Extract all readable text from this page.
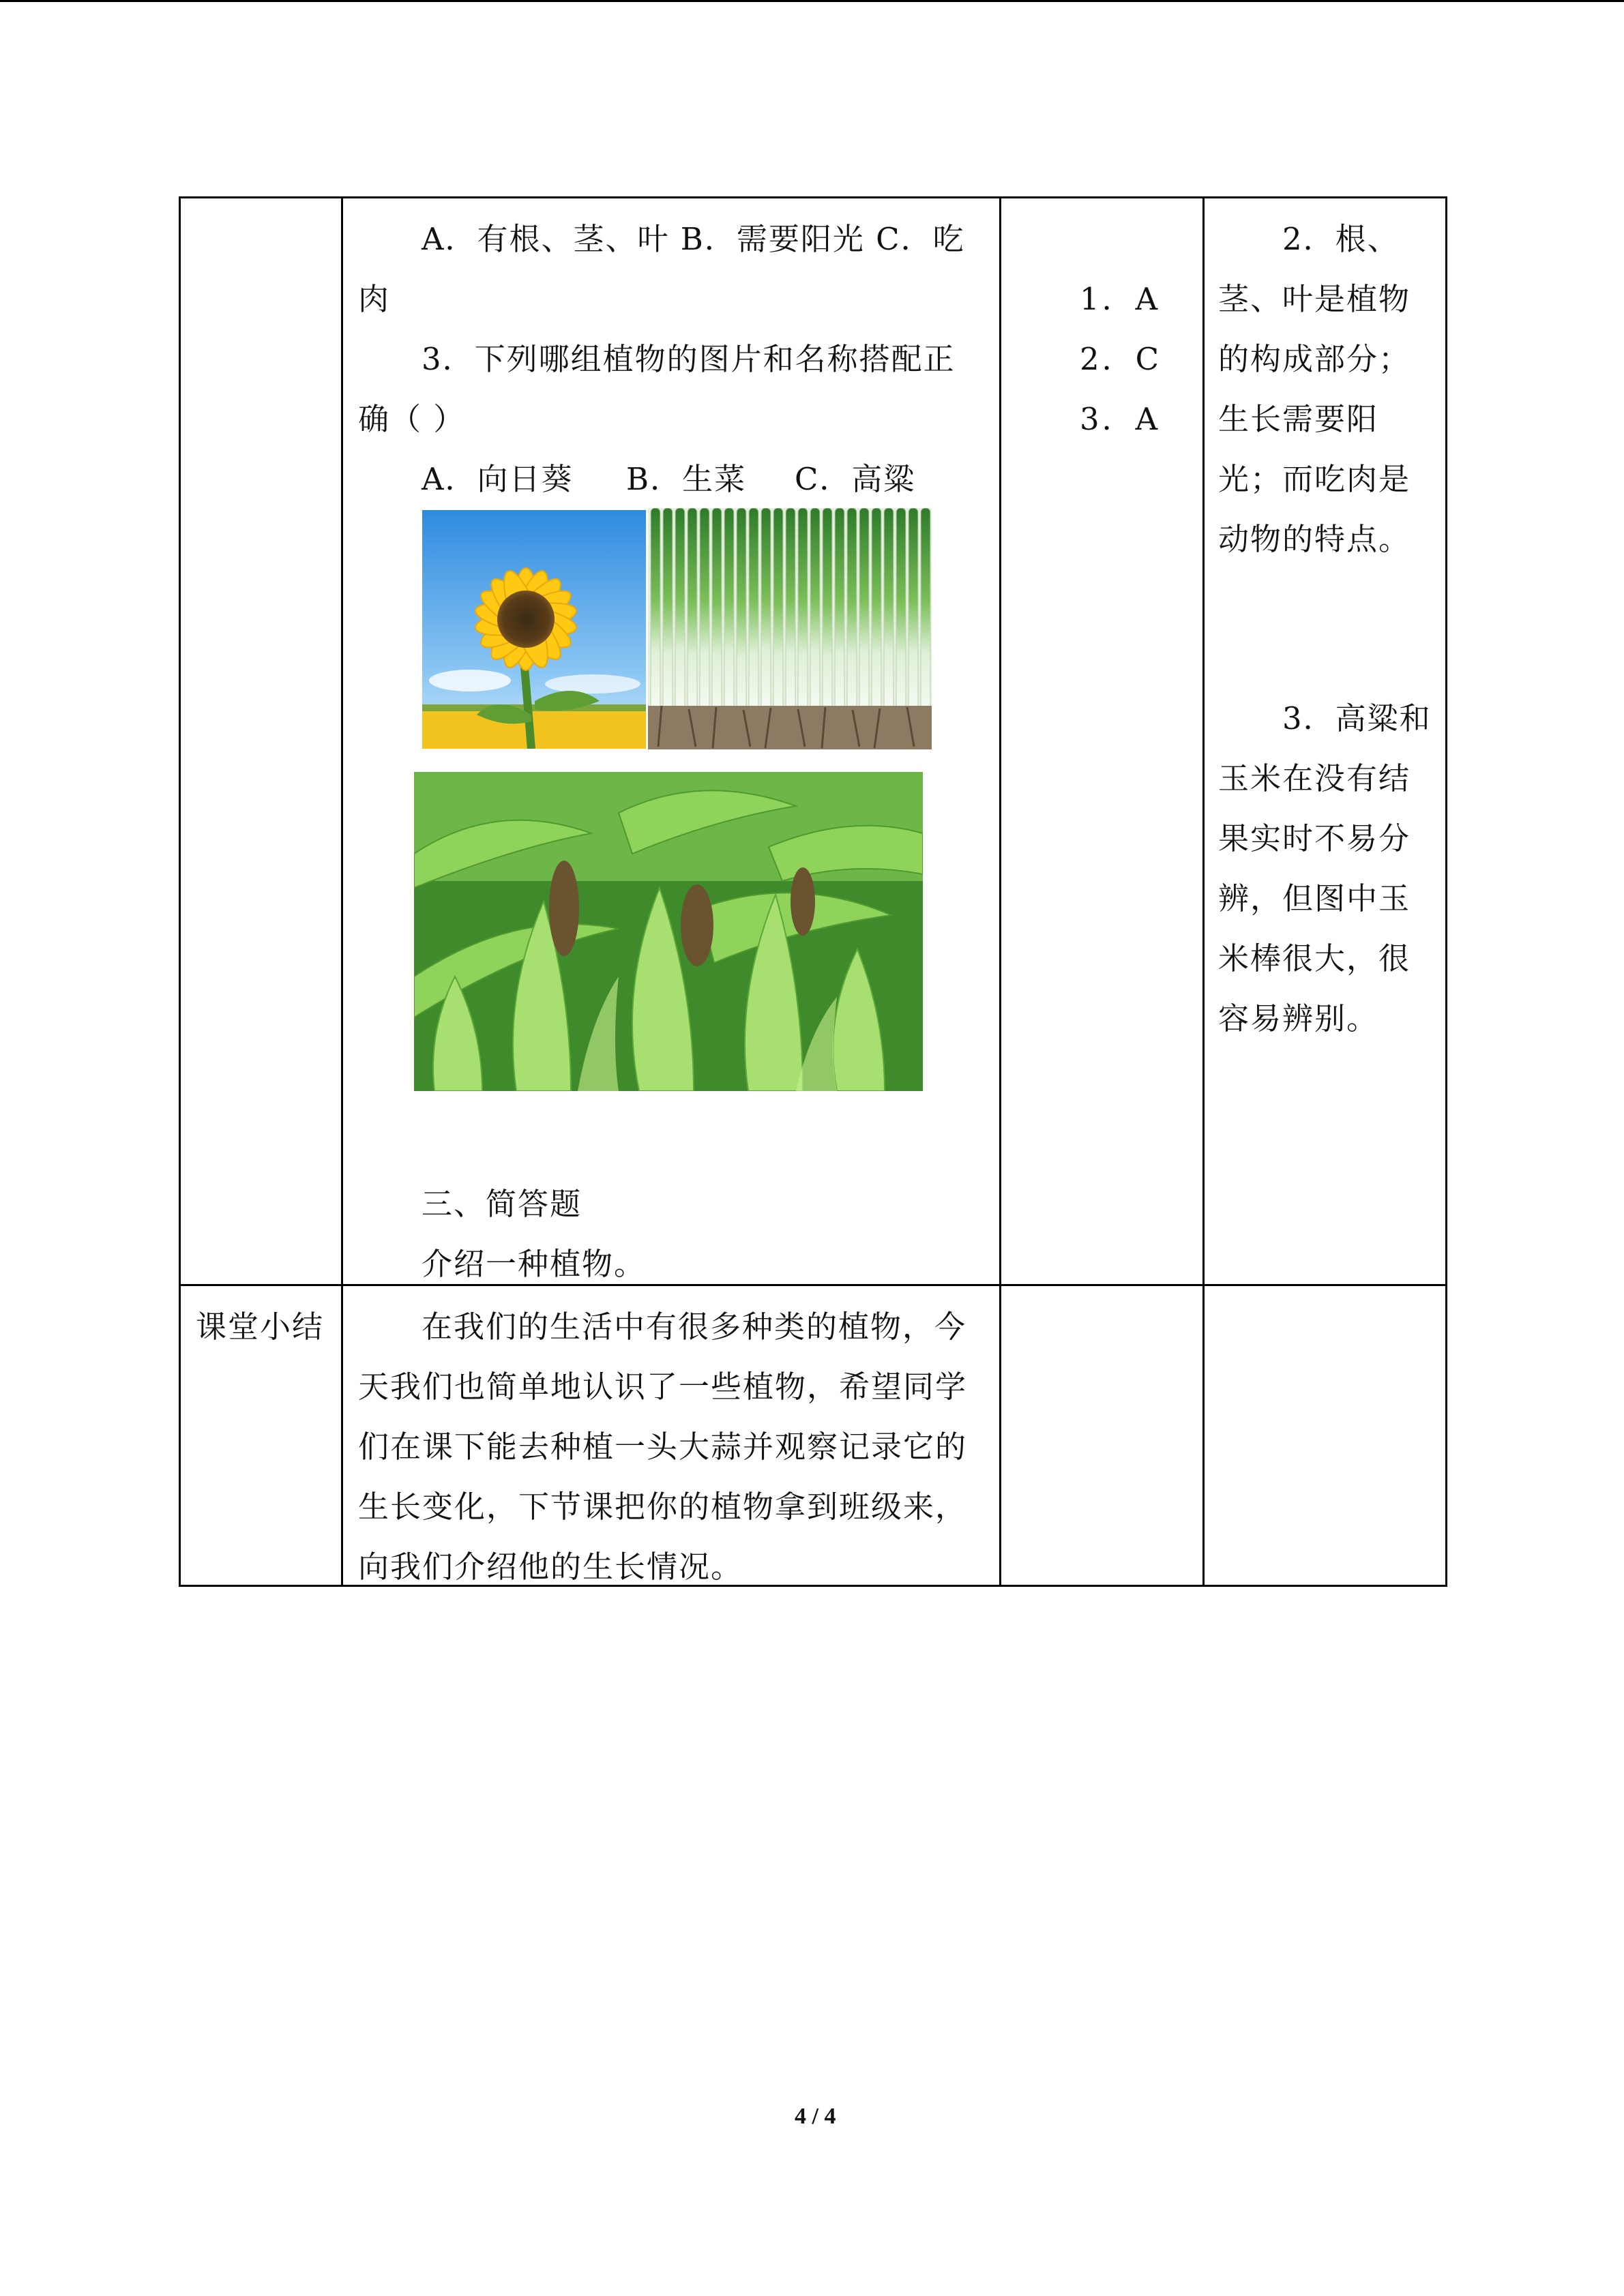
A．有根、茎、叶 B．需要阳光 C．吃
肉
3．下列哪组植物的图片和名称搭配正
确（ ）
A．向日葵 B．生菜 C．高粱
三、简答题
介绍一种植物。
1．A
2．C
3．A
2．根、
茎、叶是植物
的构成部分；
生长需要阳
光；而吃肉是
动物的特点。
3．高粱和
玉米在没有结
果实时不易分
辨，但图中玉
米棒很大，很
容易辨别。
课堂小结	在我们的生活中有很多种类的植物，今
天我们也简单地认识了一些植物，希望同学
们在课下能去种植一头大蒜并观察记录它的
生长变化，下节课把你的植物拿到班级来，
向我们介绍他的生长情况。
4 / 4
